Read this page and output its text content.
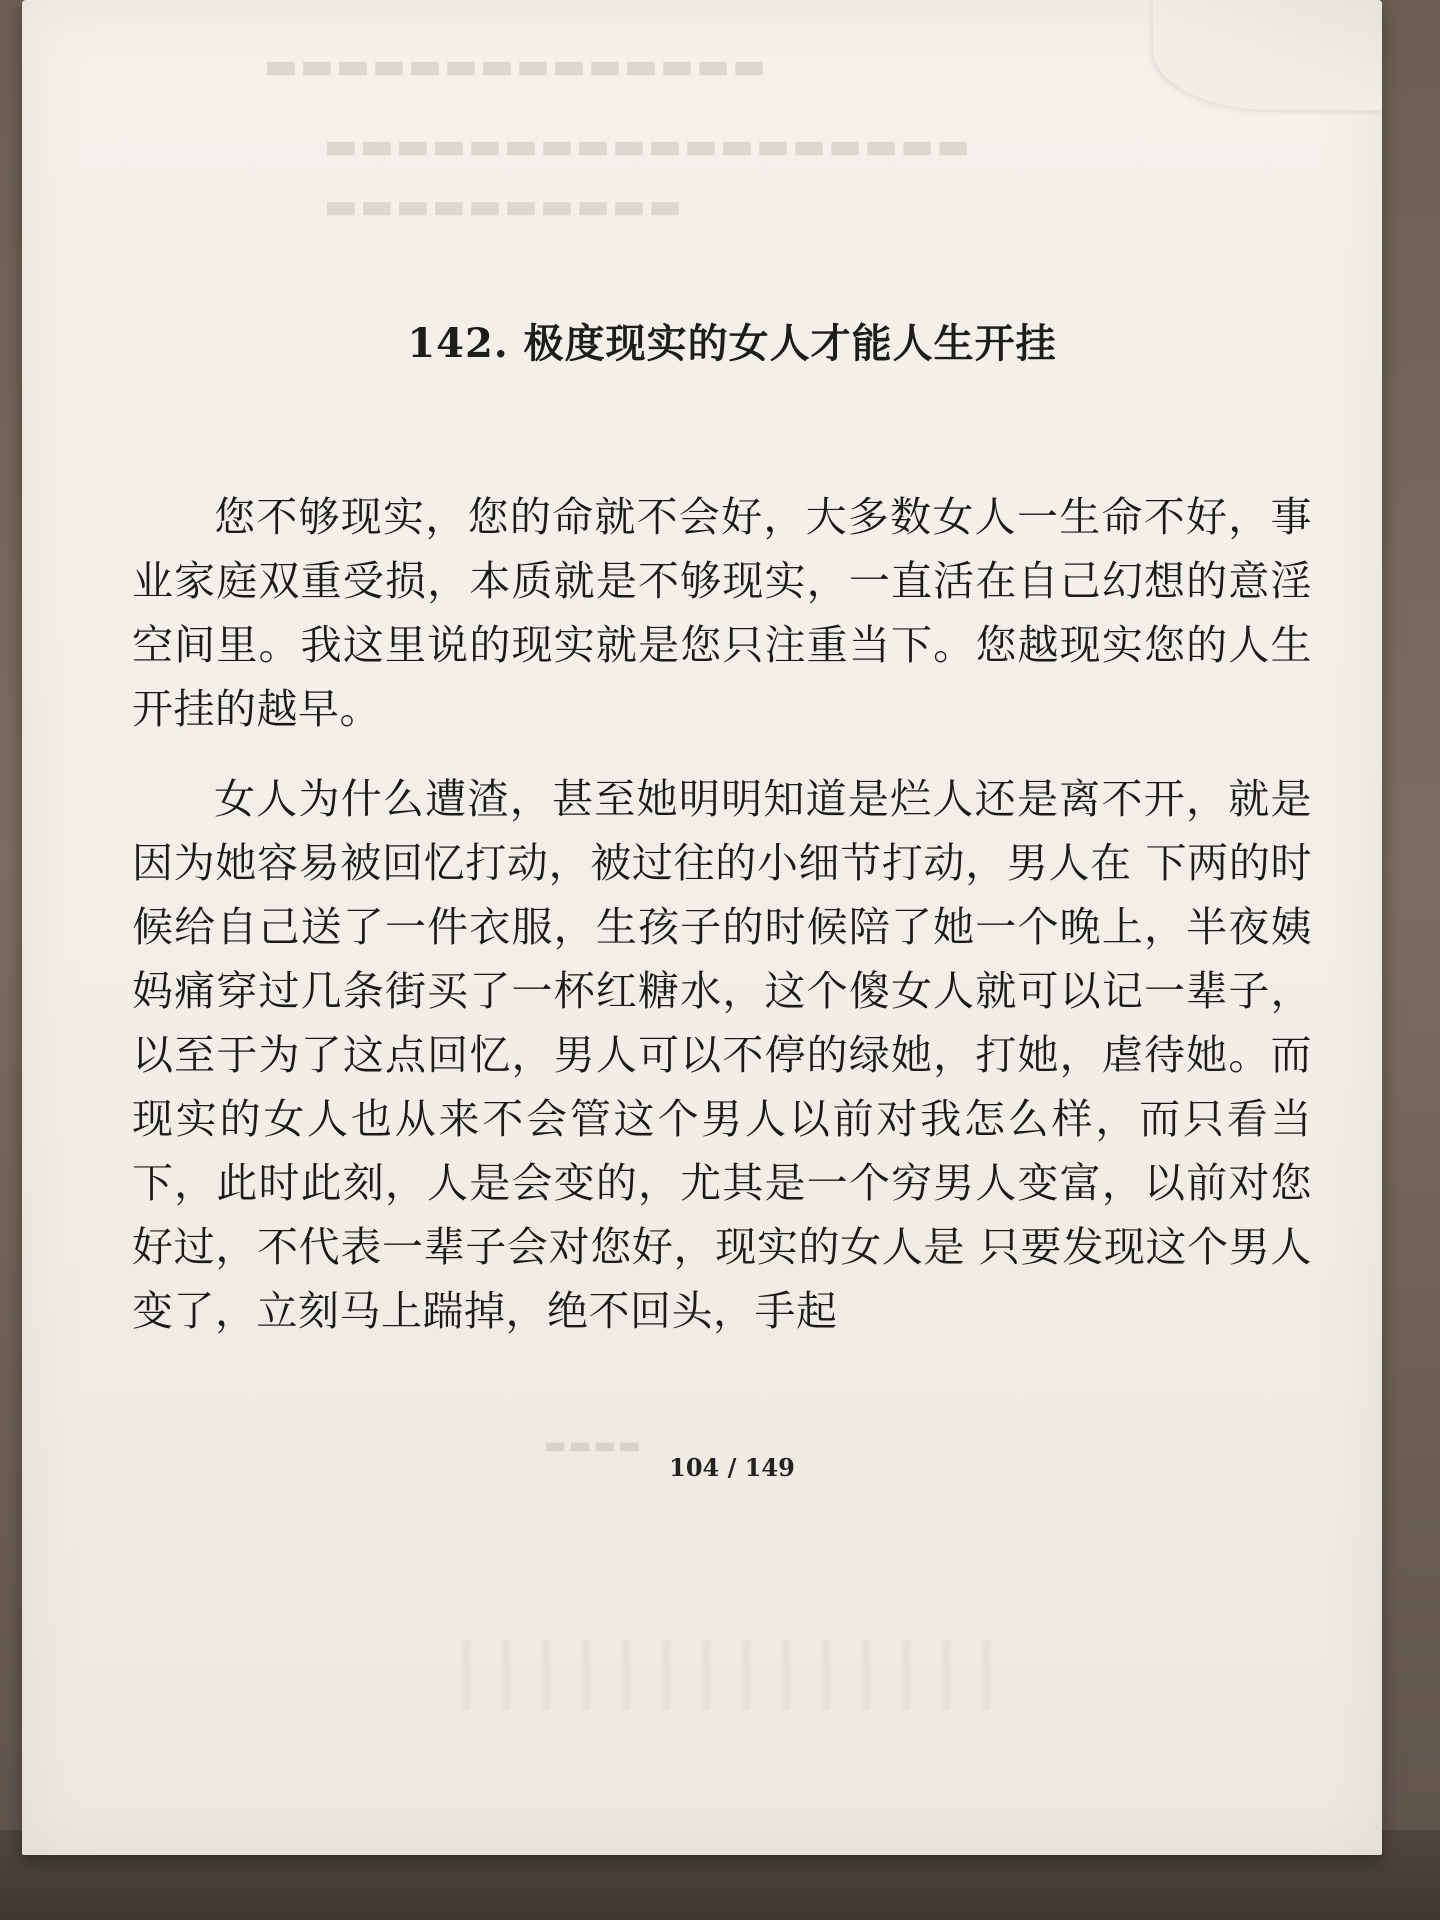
▬▬▬▬▬▬▬▬▬▬▬▬▬▬
▬▬▬▬▬▬▬▬▬▬▬▬▬▬▬▬▬▬
▬▬▬▬▬▬▬▬▬▬
▬▬▬▬
142. 极度现实的女人才能人生开挂

您不够现实，您的命就不会好，大多数女人一生命不好，事业家庭双重受损，本质就是不够现实，一直活在自己幻想的意淫空间里。我这里说的现实就是您只注重当下。您越现实您的人生开挂的越早。

女人为什么遭渣，甚至她明明知道是烂人还是离不开，就是因为她容易被回忆打动，被过往的小细节打动，男人在 下两的时候给自己送了一件衣服，生孩子的时候陪了她一个晚上，半夜姨妈痛穿过几条街买了一杯红糖水，这个傻女人就可以记一辈子，以至于为了这点回忆，男人可以不停的绿她，打她，虐待她。而现实的女人也从来不会管这个男人以前对我怎么样，而只看当下，此时此刻，人是会变的，尤其是一个穷男人变富，以前对您好过，不代表一辈子会对您好，现实的女人是 只要发现这个男人变了，立刻马上踹掉，绝不回头，手起

104 / 149
